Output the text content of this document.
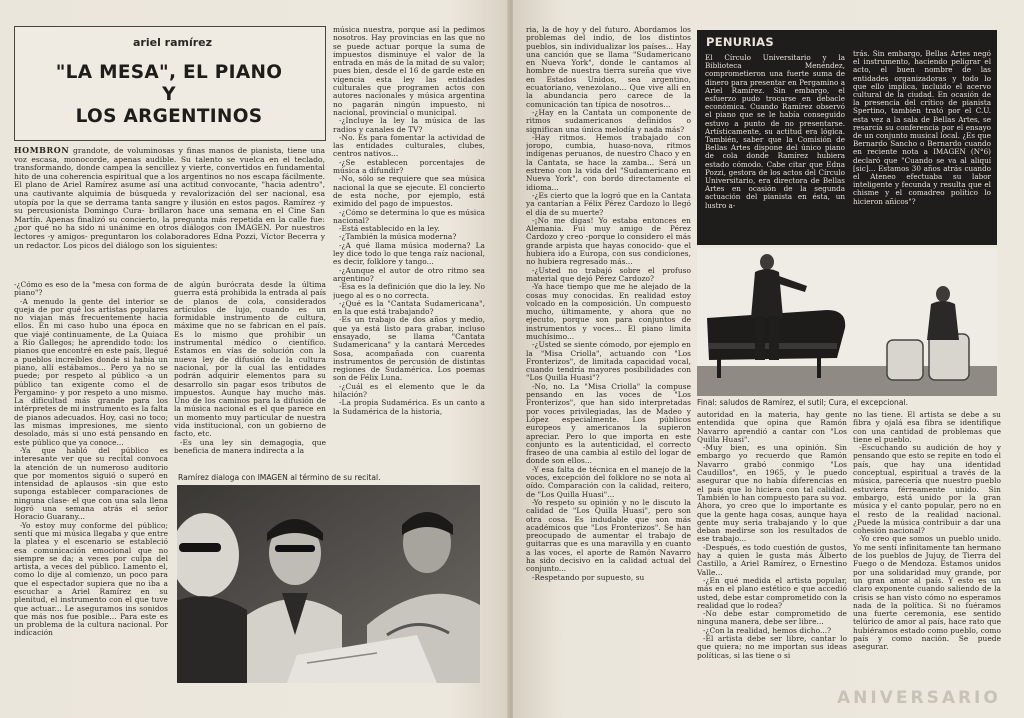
ariel ramírez
"LA MESA", EL PIANO
Y
LOS ARGENTINOS
HOMBRON grandote, de voluminosas y finas manos de pianista, tiene una voz escasa, monocorde, apenas audible. Su talento se vuelca en el teclado, transformando, donde campea la sencillez y vierte, convertidos en fundamental hito de una coherencia espiritual que a los argentinos no nos escapa fácilmente. El plano de Ariel Ramírez asume así una actitud convocante, "hacia adentro", una cautivante alquimia de búsqueda y revalorización del ser nacional, esa utopía por la que se derrama tanta sangre y ilusión en estos pagos. Ramírez -y su percusionista Domingo Cura- brillaron hace una semana en el Cine San Martín. Apenas finalizó su concierto, la pregunta más repetida en la calle fue: ¿por qué no ha sido ni unánime en otros diálogos con IMAGEN. Por nuestros lectores -y amigos- preguntaron los colaboradores Edna Pozzi, Víctor Becerra y un redactor. Los picos del diálogo son los siguientes:

-¿Cómo es eso de la "mesa con forma de piano"?

-A menudo la gente del interior se queja de por qué los artistas populares no viajan más frecuentemente hacia ellos. En mi caso hubo una época en que viajé continuamente, de La Quiaca a Río Gallegos; he aprendido todo: los pianos que encontré en este país, llegué a pueblos increíbles donde si había un piano, allí estábamos... Pero ya no se puede; por respeto al público -a un público tan exigente como el de Pergamino- y por respeto a uno mismo. La dificultad más grande para los intérpretes de mi instrumento es la falta de pianos adecuados. Hoy, casi no toco; las mismas impresiones, me siento desolado, más si uno está pensando en este público que ya conoce...

-Ya que habló del público es interesante ver que su recital convoca la atención de un numeroso auditorio que por momentos siguió o superó en intensidad de aplausos -sin que esto suponga establecer comparaciones de ninguna clase- el que con una sala llena logró una semana atrás el señor Horacio Guarany...

-Yo estoy muy conforme del público; sentí que mi música llegaba y que entre la platea y el escenario se estableció esa comunicación emocional que no siempre se da; a veces por culpa del artista, a veces del público. Lamento el, como lo dije al comienzo, un poco para que el espectador supiera que no iba a escuchar a Ariel Ramírez en su plenitud, el instrumento con el que tuve que actuar... Le aseguramos ins sonidos que más nos fue posible... Para este es un problema de la cultura nacional. Por indicación

de algún burócrata desde la última guerra está prohibida la entrada al país de planos de cola, considerados artículos de lujo, cuando es un formidable instrumento de cultura, máxime que no se fabrican en el país. Es lo mismo que prohibir un instrumental médico o científico. Estamos en vías de solución con la nueva ley de difusión de la cultura nacional, por la cual las entidades podrán adquirir elementos para su desarrollo sin pagar esos tributos de impuestos. Aunque hay mucho más. Uno de los caminos para la difusión de la música nacional es el que parece en un momento muy particular de nuestra vida institucional, con un gobierno de facto, etc.

-Es una ley sin demagogia, que beneficia de manera indirecta a la

música nuestra, porque así la pedimos nosotros. Hay provincias en las que no se puede actuar porque la suma de impuestos disminuye el valor de la entrada en más de la mitad de su valor; pues bien, desde el 16 de garde este en vigencia esta ley las entidades culturales que programen actos con autores nacionales y música argentina no pagarán ningún impuesto, ni nacional, provincial o municipal.

-¿Incluye la ley la música de las radios y canales de TV?

-No. Es para fomentar la actividad de las entidades culturales, clubes, centros nativos...

-¿Se establecen porcentajes de música a difundir?

-No, sólo se requiere que sea música nacional la que se ejecute. El concierto de esta noche, por ejemplo, está eximido del pago de impuestos.

-¿Cómo se determina lo que es música nacional?

-Está establecido en la ley.

-¿También la música moderna?

-¿A qué llama música moderna? La ley dice todo lo que tenga raíz nacional, es decir, folklore y tango...

-¿Aunque el autor de otro ritmo sea argentino?

-Esa es la definición que dio la ley. No juego al es o no correcta.

-¿Qué es la "Cantata Sudamericana", en la que está trabajando?

-Es un trabajo de dos años y medio, que ya está listo para grabar, incluso ensayado, se llama "Cantata Sudamericana" y la cantará Mercedes Sosa, acompañada con cuarenta instrumentos de percusión de distintas regiones de Sudamérica. Los poemas son de Félix Luna.

-¿Cuál es el elemento que le da hilación?

-La propia Sudamérica. Es un canto a la Sudamérica de la historia,

Ramírez dialoga con IMAGEN al término de su recital.

ria, la de hoy y del futuro. Abordamos los problemas del indio, de los distintos pueblos, sin individualizar los países... Hay una canción que se llama "Sudamericano en Nueva York", donde le cantamos al hombre de nuestra tierra sureña que vive en Estados Unidos, sea argentino, ecuatoriano, venezolano... Que vive allí en la abundancia pero carece de la comunicación tan típica de nosotros...

-¿Hay en la Cantata un componente de ritmos sudamericanos definidos o significan una única melodía y nada más?

-Hay ritmos. Hemos trabajado con joropo, cumbia, huaso-nova, ritmos indígenas peruanos, de nuestro Chaco y en la Cantata, se hace la zamba... Será un estreno con la vida del "Sudamericano en Nueva York", con bordo directamente el idioma...

-¿Es cierto que la logró que en la Cantata ya cantarían a Félix Pérez Cardozo lo llegó el día de su muerte?

-¡No me digas! Yo estaba entonces en Alemania. Fui muy amigo de Pérez Cardozo y creo -porque lo considero el más grande arpista que hayas conocido- que el hubiera ido a Europa, con sus condiciones, no hubiera regresado más...

-¿Usted no trabajó sobre el profuso material que dejó Pérez Cardozo?

-Ya hace tiempo que me he alejado de la cosas muy conocidas. En realidad estoy volcado en la composición. Un compuesto mucho, últimamente, y ahora que no ejecuto, porque son para conjuntos de instrumentos y voces... El piano limita muchísimo...

-¿Usted se siente cómodo, por ejemplo en la "Misa Criolla", actuando con "Los Fronterizos", de limitada capacidad vocal, cuando tendría mayores posibilidades con "Los Quilla Huasi"?

-No, no. La "Misa Criolla" la compuse pensando en las voces de "Los Fronterizos", que han sido interpretadas por voces privilegiadas, las de Madeo y López especialmente. Los públicos europeos y americanos la supieron apreciar. Pero lo que importa en este conjunto es la autenticidad, el correcto fraseo de una cambia al estilo del logar de donde son ellos...

-Y esa falta de técnica en el manejo de la voces, excepción del folklore no se nota al oído. Comparación con la calidad, reitero, de "Los Quilla Huasi"...

-Yo respeto su opinión y no le discuto la calidad de "Los Quilla Huasi", pero son otra cosa. Es indudable que son más académicos que "Los Fronterizos". Se han preocupado de aumentar el trabajo de guitarras que es una maravilla y en cuanto a las voces, el aporte de Ramón Navarro ha sido decisivo en la calidad actual del conjunto...

-Respetando por supuesto, su

autoridad en la materia, hay gente entendida que opina que Ramón Navarro aprendió a cantar con "Los Quilla Huasi".

-Muy bien, es una opinión. Sin embargo yo recuerdo que Ramón Navarro grabó conmigo "Los Caudillos", en 1965, y le puedo asegurar que no había diferencias en el país que lo hiciera con tal calidad. También lo han compuesto para su voz. Ahora, yo creo que lo importante es que la gente haga cosas, aunque haya gente muy seria trabajando y lo que deban medirse son los resultados de ese trabajo...

-Después, es todo cuestión de gustos, hay a quien le gusta más Alberto Castillo, a Ariel Ramírez, o Ernestino Valle...

-¿En qué medida el artista popular, más en el plano estético e que accedió usted, debe estar comprometido con la realidad que lo rodea?

-No debe estar comprometido de ninguna manera, debe ser libre...

-¿Con la realidad, hemos dicho...?

-El artista debe ser libre, cantar lo que quiera; no me importan sus ideas políticas, si las tiene o si

no las tiene. El artista se debe a su fibra y ojalá esa fibra se identifique con una cantidad de problemas que tiene el pueblo.

-Escuchando su audición de hoy y pensando que esto se repite en todo el país, que hay una identidad conceptual, espiritual a través de la música, parecería que nuestro pueblo estuviera férreamente unido. Sin embargo, está unido por la gran música y el canto popular, pero no en el resto de la realidad nacional. ¿Puede la música contribuir a dar una cohesión nacional?

-Yo creo que somos un pueblo unido. Yo me sentí infinitamente tan hermano de los pueblos de Jujuy, de Tierra del Fuego o de Mendoza. Estamos unidos por una solidaridad muy grande, por un gran amor al país. Y esto es un claro exponente cuando saliendo de la crisis se han visto cómo no esperamos nada de la política. Si no fuéramos una fuerte ceremonia, ese sentido telúrico de amor al país, hace rato que hubiéramos estado como pueblo, como país y como nación. Se puede asegurar.

PENURIAS
El Círculo Universitario y la Biblioteca Menéndez, comprometieron una fuerte suma de dinero para presentar en Pergamino a Ariel Ramírez. Sin embargo, el esfuerzo pudo trocarse en debacle económica. Cuando Ramírez observó el piano que se le había conseguido estuvo a punto de no presentarse. Artísticamente, su actitud era lógica. También, saber que la Comisión de Bellas Artes dispone del único piano de cola donde Ramírez hubiera estado cómodo. Cabe citar que Edna Pozzi, gestora de los actos del Círculo Universitario, era directora de Bellas Artes en ocasión de la segunda actuación del pianista en ésta, un lustro a-
trás. Sin embargo, Bellas Artes negó el instrumento, haciendo peligrar el acto, el buen nombre de las entidades organizadoras y todo lo que ello implica, incluido el acervo cultural de la ciudad. En ocasión de la presencia del crítico de pianista Spertino, también trató por el C.U. esta vez a la sala de Bellas Artes, se resarcía su conferencia por el ensayo de un conjunto musical local. ¿Es que Bernardo Sancho o Bernardo cuando en reciente nota a IMAGEN (N°6) declaró que "Cuando se va al aliquí [sic]... Estamos 30 años atrás cuando el Ateneo efectuaba su labor inteligente y fecunda y resulta que el chisme y el comadreo político lo hicieron añicos"?
Final: saludos de Ramírez, el sutil; Cura, el excepcional.
ANIVERSARIO
